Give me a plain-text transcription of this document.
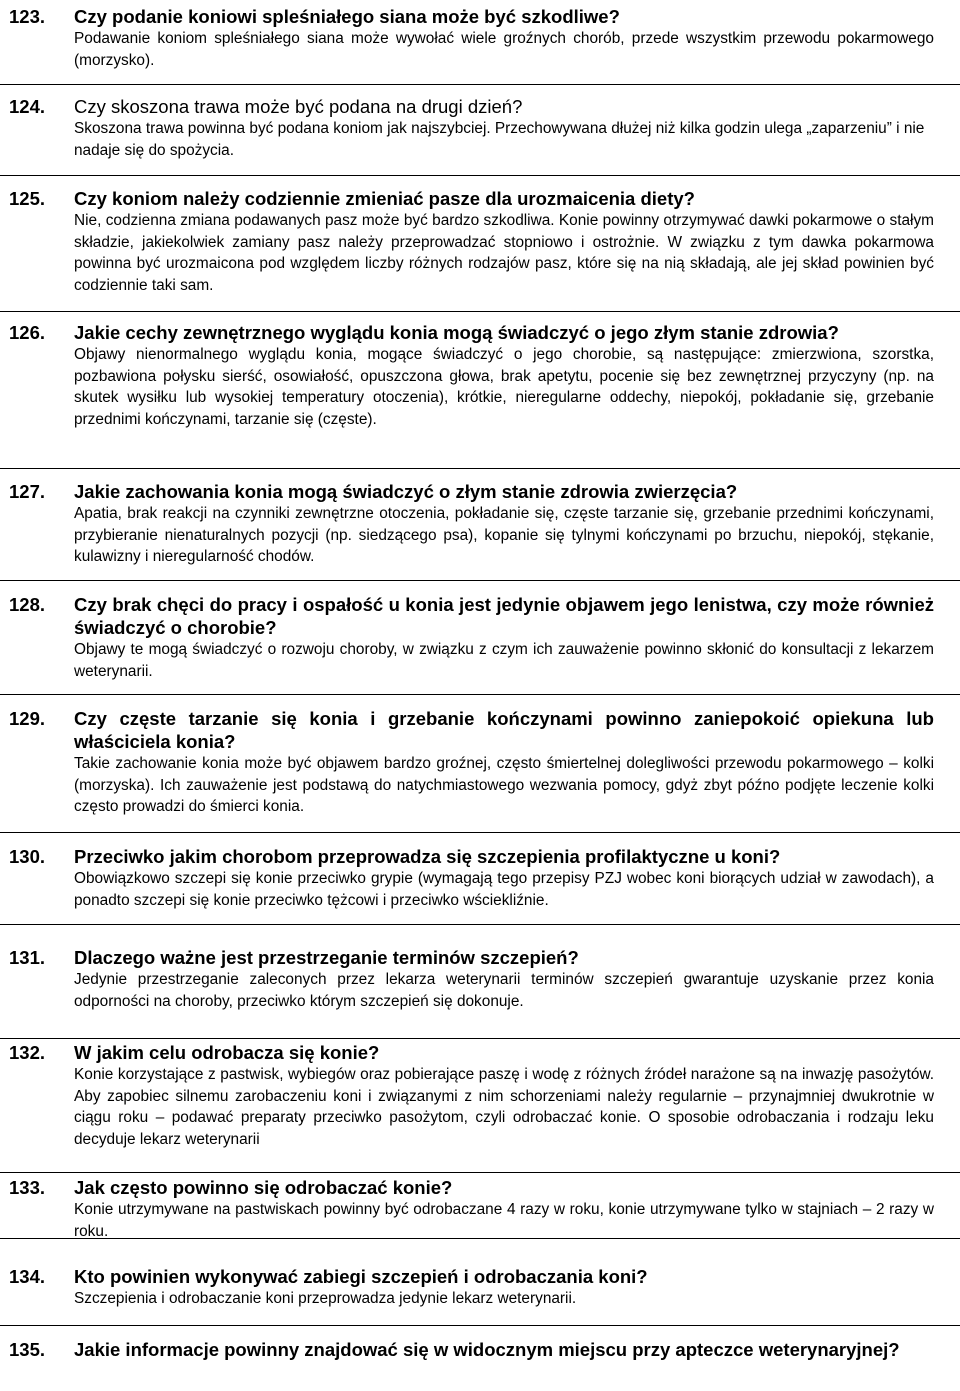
123. Czy podanie koniowi spleśniałego siana może być szkodliwe?

Podawanie koniom spleśniałego siana może wywołać wiele groźnych chorób, przede wszystkim przewodu pokarmowego (morzysko).

124. Czy skoszona trawa może być podana na drugi dzień?

Skoszona trawa powinna być podana koniom jak najszybciej. Przechowywana dłużej niż kilka godzin ulega „zaparzeniu” i nie nadaje się do spożycia.

125. Czy koniom należy codziennie zmieniać pasze dla urozmaicenia diety?

Nie, codzienna zmiana podawanych pasz może być bardzo szkodliwa. Konie powinny otrzymywać dawki pokarmowe o stałym składzie, jakiekolwiek zamiany pasz należy przeprowadzać stopniowo i ostrożnie. W związku z tym dawka pokarmowa powinna być urozmaicona pod względem liczby różnych rodzajów pasz, które się na nią składają, ale jej skład powinien być codziennie taki sam.

126. Jakie cechy zewnętrznego wyglądu konia mogą świadczyć o jego złym stanie zdrowia?

Objawy nienormalnego wyglądu konia, mogące świadczyć o jego chorobie, są następujące: zmierzwiona, szorstka, pozbawiona połysku sierść, osowiałość, opuszczona głowa, brak apetytu, pocenie się bez zewnętrznej przyczyny (np. na skutek wysiłku lub wysokiej temperatury otoczenia), krótkie, nieregularne oddechy, niepokój, pokładanie się, grzebanie przednimi kończynami, tarzanie się (częste).

127. Jakie zachowania konia mogą świadczyć o złym stanie zdrowia zwierzęcia?

Apatia, brak reakcji na czynniki zewnętrzne otoczenia, pokładanie się, częste tarzanie się, grzebanie przednimi kończynami, przybieranie nienaturalnych pozycji (np. siedzącego psa), kopanie się tylnymi kończynami po brzuchu, niepokój, stękanie, kulawizny i nieregularność chodów.

128. Czy brak chęci do pracy i ospałość u konia jest jedynie objawem jego lenistwa, czy może również świadczyć o chorobie?

Objawy te mogą świadczyć o rozwoju choroby, w związku z czym ich zauważenie powinno skłonić do konsultacji z lekarzem weterynarii.

129. Czy częste tarzanie się konia i grzebanie kończynami powinno zaniepokoić opiekuna lub właściciela konia?

Takie zachowanie konia może być objawem bardzo groźnej, często śmiertelnej dolegliwości przewodu pokarmowego – kolki (morzyska). Ich zauważenie jest podstawą do natychmiastowego wezwania pomocy, gdyż zbyt późno podjęte leczenie kolki często prowadzi do śmierci konia.

130. Przeciwko jakim chorobom przeprowadza się szczepienia profilaktyczne u koni?

Obowiązkowo szczepi się konie przeciwko grypie (wymagają tego przepisy PZJ wobec koni biorących udział w zawodach), a ponadto szczepi się konie przeciwko tężcowi i przeciwko wściekliźnie.

131. Dlaczego ważne jest przestrzeganie terminów szczepień?

Jedynie przestrzeganie zaleconych przez lekarza weterynarii terminów szczepień gwarantuje uzyskanie przez konia odporności na choroby, przeciwko którym szczepień się dokonuje.

132. W jakim celu odrobacza się konie?

Konie korzystające z pastwisk, wybiegów oraz pobierające paszę i wodę z różnych źródeł narażone są na inwazję pasożytów. Aby zapobiec silnemu zarobaczeniu koni i związanymi z nim schorzeniami należy regularnie – przynajmniej dwukrotnie w ciągu roku – podawać preparaty przeciwko pasożytom, czyli odrobaczać konie. O sposobie odrobaczania i rodzaju leku decyduje lekarz weterynarii

133. Jak często powinno się odrobaczać konie?

Konie utrzymywane na pastwiskach powinny być odrobaczane 4 razy w roku, konie utrzymywane tylko w stajniach – 2 razy w roku.

134. Kto powinien wykonywać zabiegi szczepień i odrobaczania koni?

Szczepienia i odrobaczanie koni przeprowadza jedynie lekarz weterynarii.

135. Jakie informacje powinny znajdować się w widocznym miejscu przy apteczce weterynaryjnej?
